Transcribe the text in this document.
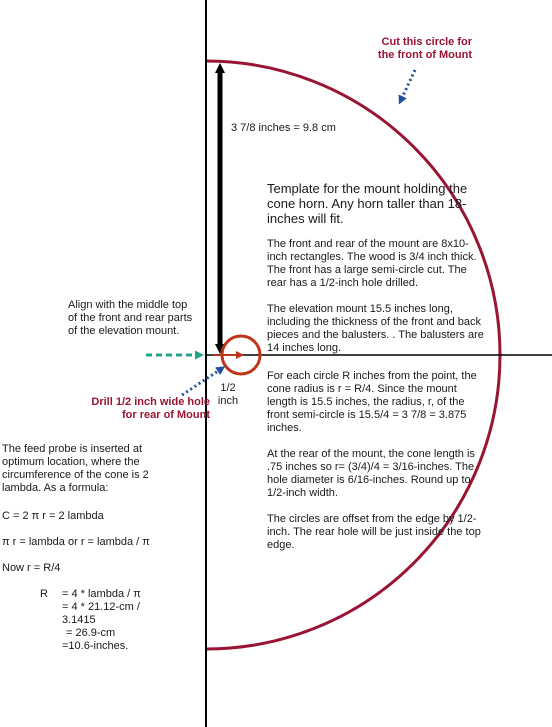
Cut this circle for
the front of Mount
Drill 1/2 inch wide hole
for rear of Mount
3 7/8 inches = 9.8 cm
Align with the middle top of the front and rear parts of the elevation mount.
1/2
inch
Template for the mount holding the cone horn. Any horn taller than 18-inches will fit.

The front and rear of the mount are 8x10-inch rectangles. The wood is 3/4 inch thick. The front has a large semi-circle cut. The rear has a 1/2-inch hole drilled.

The elevation mount 15.5 inches long, including the thickness of the front and back pieces and the balusters. . The balusters are 14 inches long.

For each circle R inches from the point, the cone radius is r = R/4. Since the mount length is 15.5 inches, the radius, r, of the front semi-circle is 15.5/4 = 3 7/8 = 3.875 inches.

At the rear of the mount, the cone length is .75 inches so r= (3/4)/4 = 3/16-inches. The hole diameter is 6/16-inches. Round up to 1/2-inch width.

The circles are offset from the edge by 1/2-inch. The rear hole will be just inside the top edge.

The feed probe is inserted at optimum location, where the circumference of the cone is 2 lambda. As a formula:

C = 2 π r = 2 lambda

π r = lambda or r = lambda / π

Now r = R/4

R = 4 * lambda / π
= 4 * 21.12-cm / 3.1415
= 26.9-cm
=10.6-inches.
